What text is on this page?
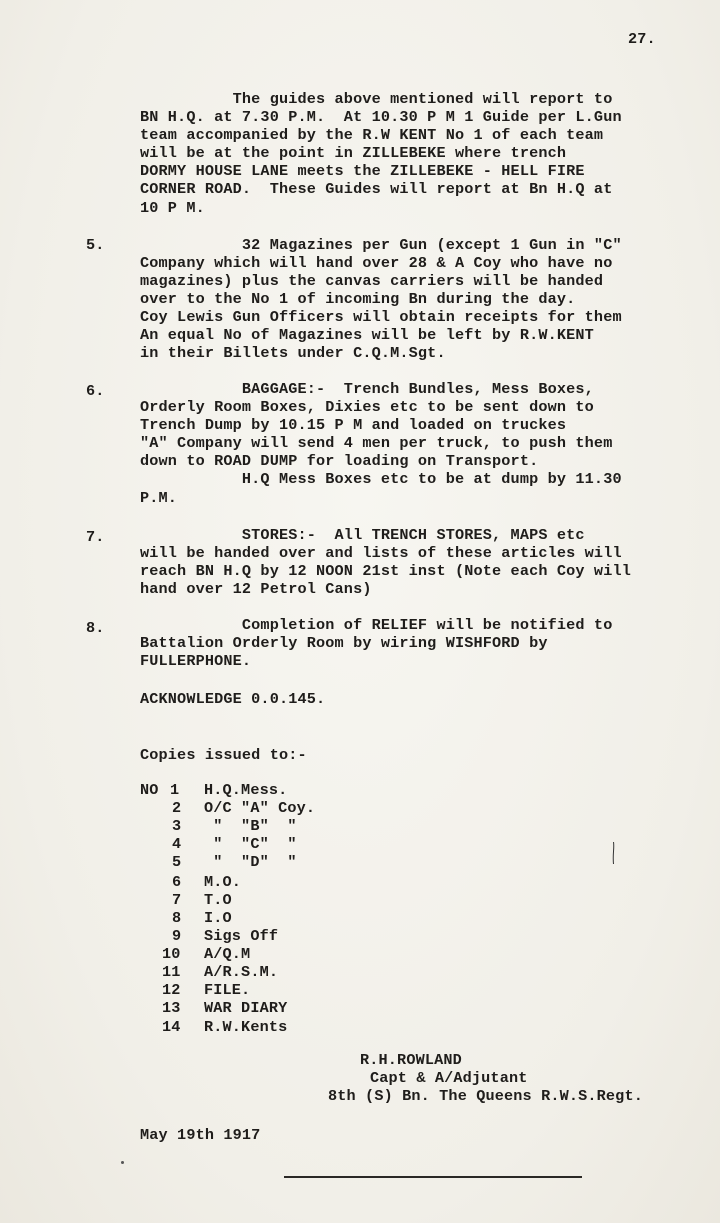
27.
The guides above mentioned will report to
BN H.Q. at 7.30 P.M.  At 10.30 P M 1 Guide per L.Gun
team accompanied by the R.W KENT No 1 of each team
will be at the point in ZILLEBEKE where trench
DORMY HOUSE LANE meets the ZILLEBEKE - HELL FIRE
CORNER ROAD.  These Guides will report at Bn H.Q at
10 P M.
5. 32 Magazines per Gun (except 1 Gun in "C"
Company which will hand over 28 & A Coy who have no
magazines) plus the canvas carriers will be handed
over to the No 1 of incoming Bn during the day.
Coy Lewis Gun Officers will obtain receipts for them
An equal No of Magazines will be left by R.W.KENT
in their Billets under C.Q.M.Sgt.
6. BAGGAGE:-  Trench Bundles, Mess Boxes,
Orderly Room Boxes, Dixies etc to be sent down to
Trench Dump by 10.15 P M and loaded on truckes
"A" Company will send 4 men per truck, to push them
down to ROAD DUMP for loading on Transport.
H.Q Mess Boxes etc to be at dump by 11.30
P.M.
7. STORES:-  All TRENCH STORES, MAPS etc
will be handed over and lists of these articles will
reach BN H.Q by 12 NOON 21st inst (Note each Coy will
hand over 12 Petrol Cans)
8. Completion of RELIEF will be notified to
Battalion Orderly Room by wiring WISHFORD by
FULLERPHONE.
ACKNOWLEDGE 0.0.145.
Copies issued to:-
NO 1 H.Q.Mess.
2 O/C "A" Coy.
3 "  "B"  "
4 "  "C"  "
5 "  "D"  "
6 M.O.
7 T.O
8 I.O
9 Sigs Off
10 A/Q.M
11 A/R.S.M.
12 FILE.
13 WAR DIARY
14 R.W.Kents
R.H.ROWLAND
Capt & A/Adjutant
8th (S) Bn. The Queens R.W.S.Regt.
May 19th 1917
